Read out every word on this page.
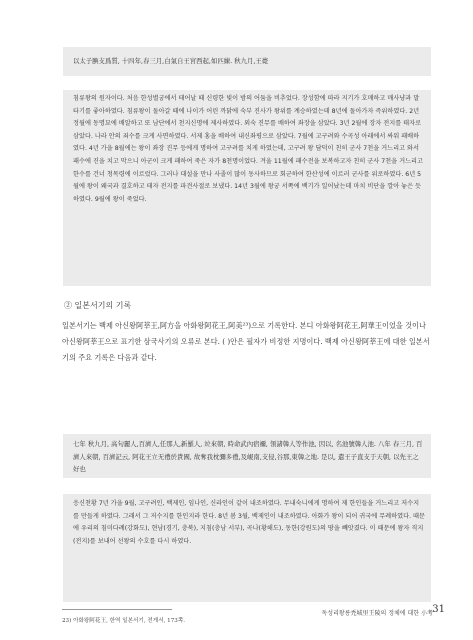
以太子腆支爲質, 十四年,春三月,白氣自王宮西起,如匹練. 秋九月,王薨

침류왕의 원자이다. 처음 한성별궁에서 태어날 때 신령한 빛이 밤의 어둠을 비추었다. 장성함에 따라 지기가 호매하고 매사냥과 말타기를 좋아하였다. 침류왕이 돌아갈 때에 나이가 어린 까닭에 숙부 진사가 왕위를 계승하였는데 8년에 돌아가자 즉위하였다. 2년 정월에 동명묘에 배알하고 또 남단에서 천지신명에 제사하였다. 외숙 진무를 배하여 좌장을 삼았다. 3년 2월에 장자 전지를 태자로 삼았다. 나라 안의 죄수를 크게 사면하였다. 서제 홍을 배하여 내신좌평으로 삼았다. 7월에 고구려와 수곡성 아래에서 싸워 패배하였다. 4년 가을 8월에는 왕이 좌장 진무 등에게 명하여 고구려를 치게 하였는데, 고구려 왕 담덕이 친히 군사 7천을 거느리고 와서 패수에 진을 치고 막으니 아군이 크게 패하여 죽은 자가 8천명이었다. 겨울 11월에 패수전을 보복하고자 친히 군사 7천을 거느리고 한수를 건너 청목령에 이르렀다. 그러나 대설을 만나 사졸이 많이 동사하므로 회군하여 한산성에 이르러 군사를 위로하였다. 6년 5월에 왕이 왜국과 결호하고 태자 전지를 파견사절로 보냈다. 14년 3월에 왕궁 서쪽에 백기가 일어났는데 마치 비단을 깔아 놓은 듯하였다. 9월에 왕이 죽었다.

② 일본서기의 기록

일본서기는 백제 아신왕阿莘王,阿方을 아화왕阿花王,阿美²³)으로 기록한다. 본디 아화왕阿花王,阿華王이었을 것이나 아신왕阿莘王으로 표기한 삼국사기의 오류로 본다. ( )안은 필자가 비정한 지명이다. 백제 아신왕阿莘王에 대한 일본서기의 주요 기록은 다음과 같다.

七年 秋九月, 高句麗人,百濟人,任那人,新羅人, 竝來朝, 時命武內宿禰, 領諸韓人等作池, 因以, 名池號韓人池. 八年 春三月, 百濟人來朝, 百濟記云, 阿花王立无禮於貴國, 故奪我枕彌多禮,及峴南,支侵,谷那,東韓之地. 是以, 遣王子直支于天朝, 以先王之好也

응신천황 7년 가을 9월, 고구려인, 백제인, 임나인, 신라인이 같이 내조하였다. 무내숙니에게 명하여 제 한인들을 거느리고 저수지를 만들게 하였다. 그래서 그 저수지를 한인지라 한다. 8년 봄 3월, 백제인이 내조하였다. 아화가 왕이 되어 귀국에 무례하였다. 때문에 우리의 침미다례(강화도), 현남(경기, 충북), 지침(충남 서부), 곡나(황해도), 동한(강원도)의 땅을 빼앗겼다. 이 때문에 왕자 직지(전지)를 보내어 선왕의 수호를 다시 하였다.

23) 아화왕阿花王, 한역 일본서기, 전게서, 173쪽.
독성리왕릉禿城里王陵의 정체에 대한 小考 31
